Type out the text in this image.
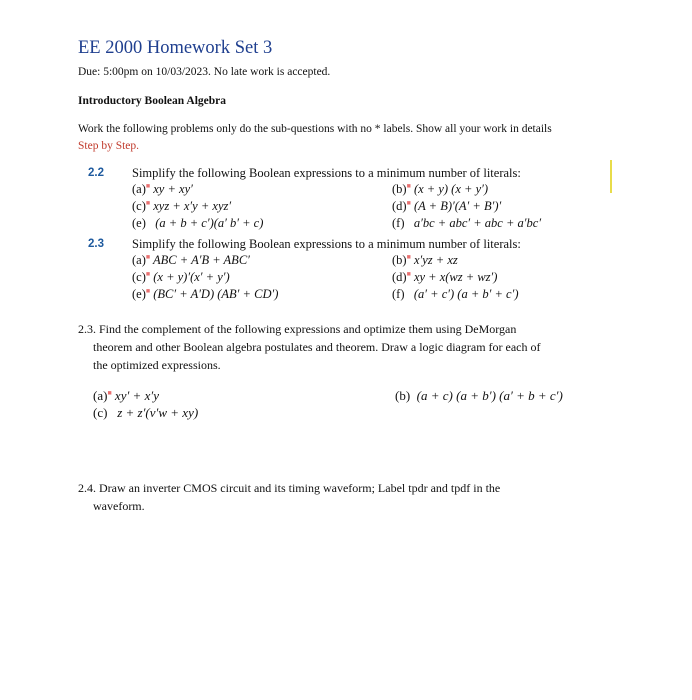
EE 2000 Homework Set 3
Due: 5:00pm on 10/03/2023. No late work is accepted.
Introductory Boolean Algebra
Work the following problems only do the sub-questions with no * labels. Show all your work in details
Step by Step.
2.2 Simplify the following Boolean expressions to a minimum number of literals:
(a)■ xy + xy′	(b)■ (x + y) (x + y′)
(c)■ xyz + x′y + xyz′	(d)■ (A + B)′(A′ + B′)′
(e) (a + b + c′)(a′ b′ + c)	(f) a′bc + abc′ + abc + a′bc′
2.3 Simplify the following Boolean expressions to a minimum number of literals:
(a)■ ABC + A′B + ABC′	(b)■ x′yz + xz
(c)■ (x + y)′(x′ + y′)	(d)■ xy + x(wz + wz′)
(e)■ (BC′ + A′D) (AB′ + CD′)	(f) (a′ + c′) (a + b′ + c′)
2.3. Find the complement of the following expressions and optimize them using DeMorgan
theorem and other Boolean algebra postulates and theorem. Draw a logic diagram for each of
the optimized expressions.
(a)■ xy′ + x′y	(b) (a + c) (a + b′) (a′ + b + c′)
(c) z + z′(v′w + xy)
2.4. Draw an inverter CMOS circuit and its timing waveform; Label tpdr and tpdf in the
waveform.
